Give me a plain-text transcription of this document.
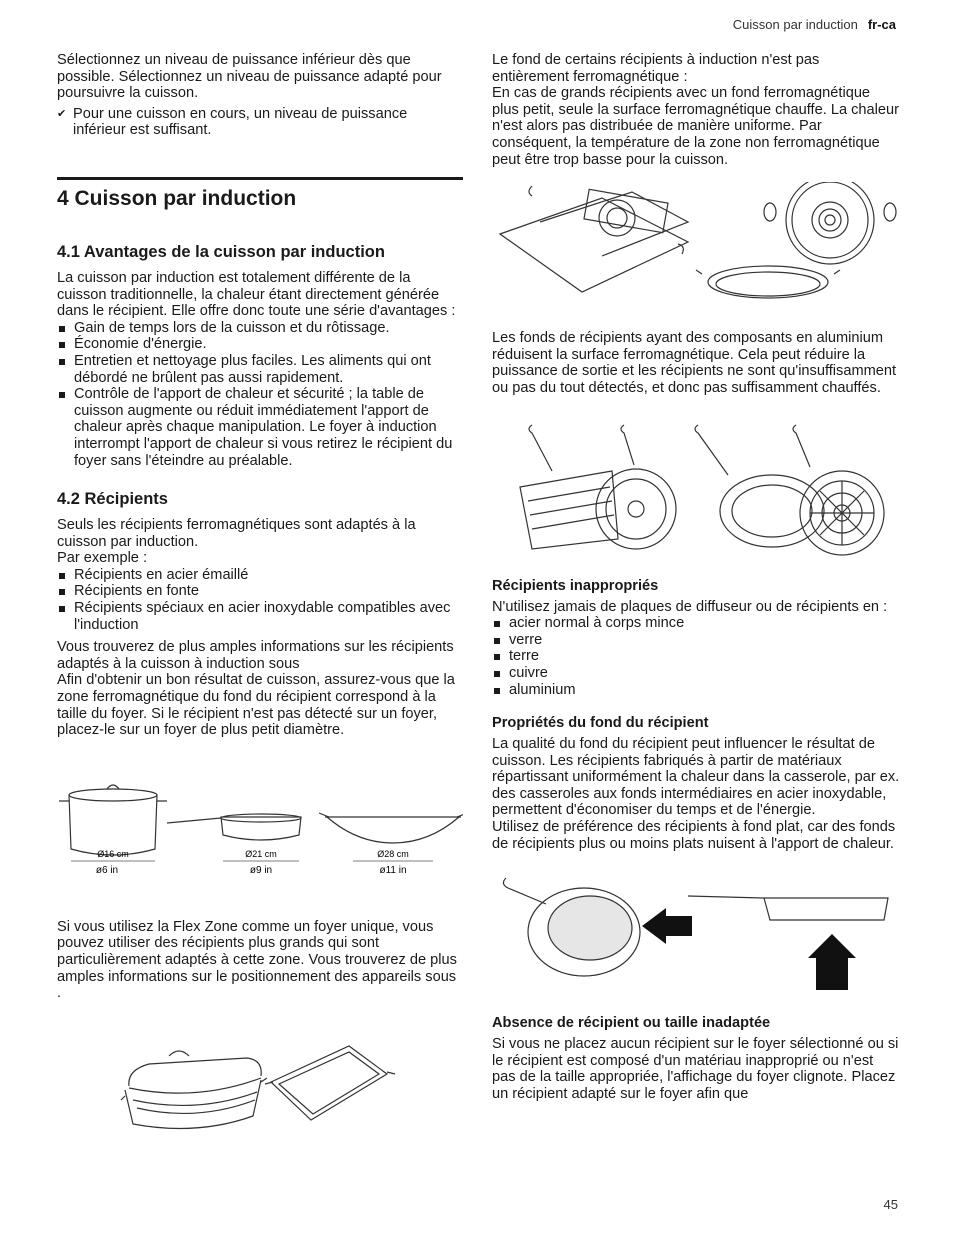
Cuisson par induction fr-ca

Sélectionnez un niveau de puissance inférieur dès que possible. Sélectionnez un niveau de puissance adapté pour poursuivre la cuisson.

✔ Pour une cuisson en cours, un niveau de puissance inférieur est suffisant.

4 Cuisson par induction
4.1 Avantages de la cuisson par induction

La cuisson par induction est totalement différente de la cuisson traditionnelle, la chaleur étant directement générée dans le récipient. Elle offre donc toute une série d'avantages :

Gain de temps lors de la cuisson et du rôtissage.
Économie d'énergie.
Entretien et nettoyage plus faciles. Les aliments qui ont débordé ne brûlent pas aussi rapidement.
Contrôle de l'apport de chaleur et sécurité ; la table de cuisson augmente ou réduit immédiatement l'apport de chaleur après chaque manipulation. Le foyer à induction interrompt l'apport de chaleur si vous retirez le récipient du foyer sans l'éteindre au préalable.
4.2 Récipients

Seuls les récipients ferromagnétiques sont adaptés à la cuisson par induction.

Par exemple :

Récipients en acier émaillé
Récipients en fonte
Récipients spéciaux en acier inoxydable compatibles avec l'induction

Vous trouverez de plus amples informations sur les récipients adaptés à la cuisson à induction sous

Afin d'obtenir un bon résultat de cuisson, assurez-vous que la zone ferromagnétique du fond du récipient correspond à la taille du foyer. Si le récipient n'est pas détecté sur un foyer, placez-le sur un foyer de plus petit diamètre.

Ø16 cm
ø6 in
Ø21 cm
ø9 in
Ø28 cm
ø11 in

Si vous utilisez la Flex Zone comme un foyer unique, vous pouvez utiliser des récipients plus grands qui sont particulièrement adaptés à cette zone. Vous trouverez de plus amples informations sur le positionnement des appareils sous .

Le fond de certains récipients à induction n'est pas entièrement ferromagnétique :

En cas de grands récipients avec un fond ferromagnétique plus petit, seule la surface ferromagnétique chauffe. La chaleur n'est alors pas distribuée de manière uniforme. Par conséquent, la température de la zone non ferromagnétique peut être trop basse pour la cuisson.

Les fonds de récipients ayant des composants en aluminium réduisent la surface ferromagnétique. Cela peut réduire la puissance de sortie et les récipients ne sont qu'insuffisamment ou pas du tout détectés, et donc pas suffisamment chauffés.

Récipients inappropriés

N'utilisez jamais de plaques de diffuseur ou de récipients en :

acier normal à corps mince
verre
terre
cuivre
aluminium
Propriétés du fond du récipient

La qualité du fond du récipient peut influencer le résultat de cuisson. Les récipients fabriqués à partir de matériaux répartissant uniformément la chaleur dans la casserole, par ex. des casseroles aux fonds intermédiaires en acier inoxydable, permettent d'économiser du temps et de l'énergie.

Utilisez de préférence des récipients à fond plat, car des fonds de récipients plus ou moins plats nuisent à l'apport de chaleur.

Absence de récipient ou taille inadaptée

Si vous ne placez aucun récipient sur le foyer sélectionné ou si le récipient est composé d'un matériau inapproprié ou n'est pas de la taille appropriée, l'affichage du foyer clignote. Placez un récipient adapté sur le foyer afin que

45
